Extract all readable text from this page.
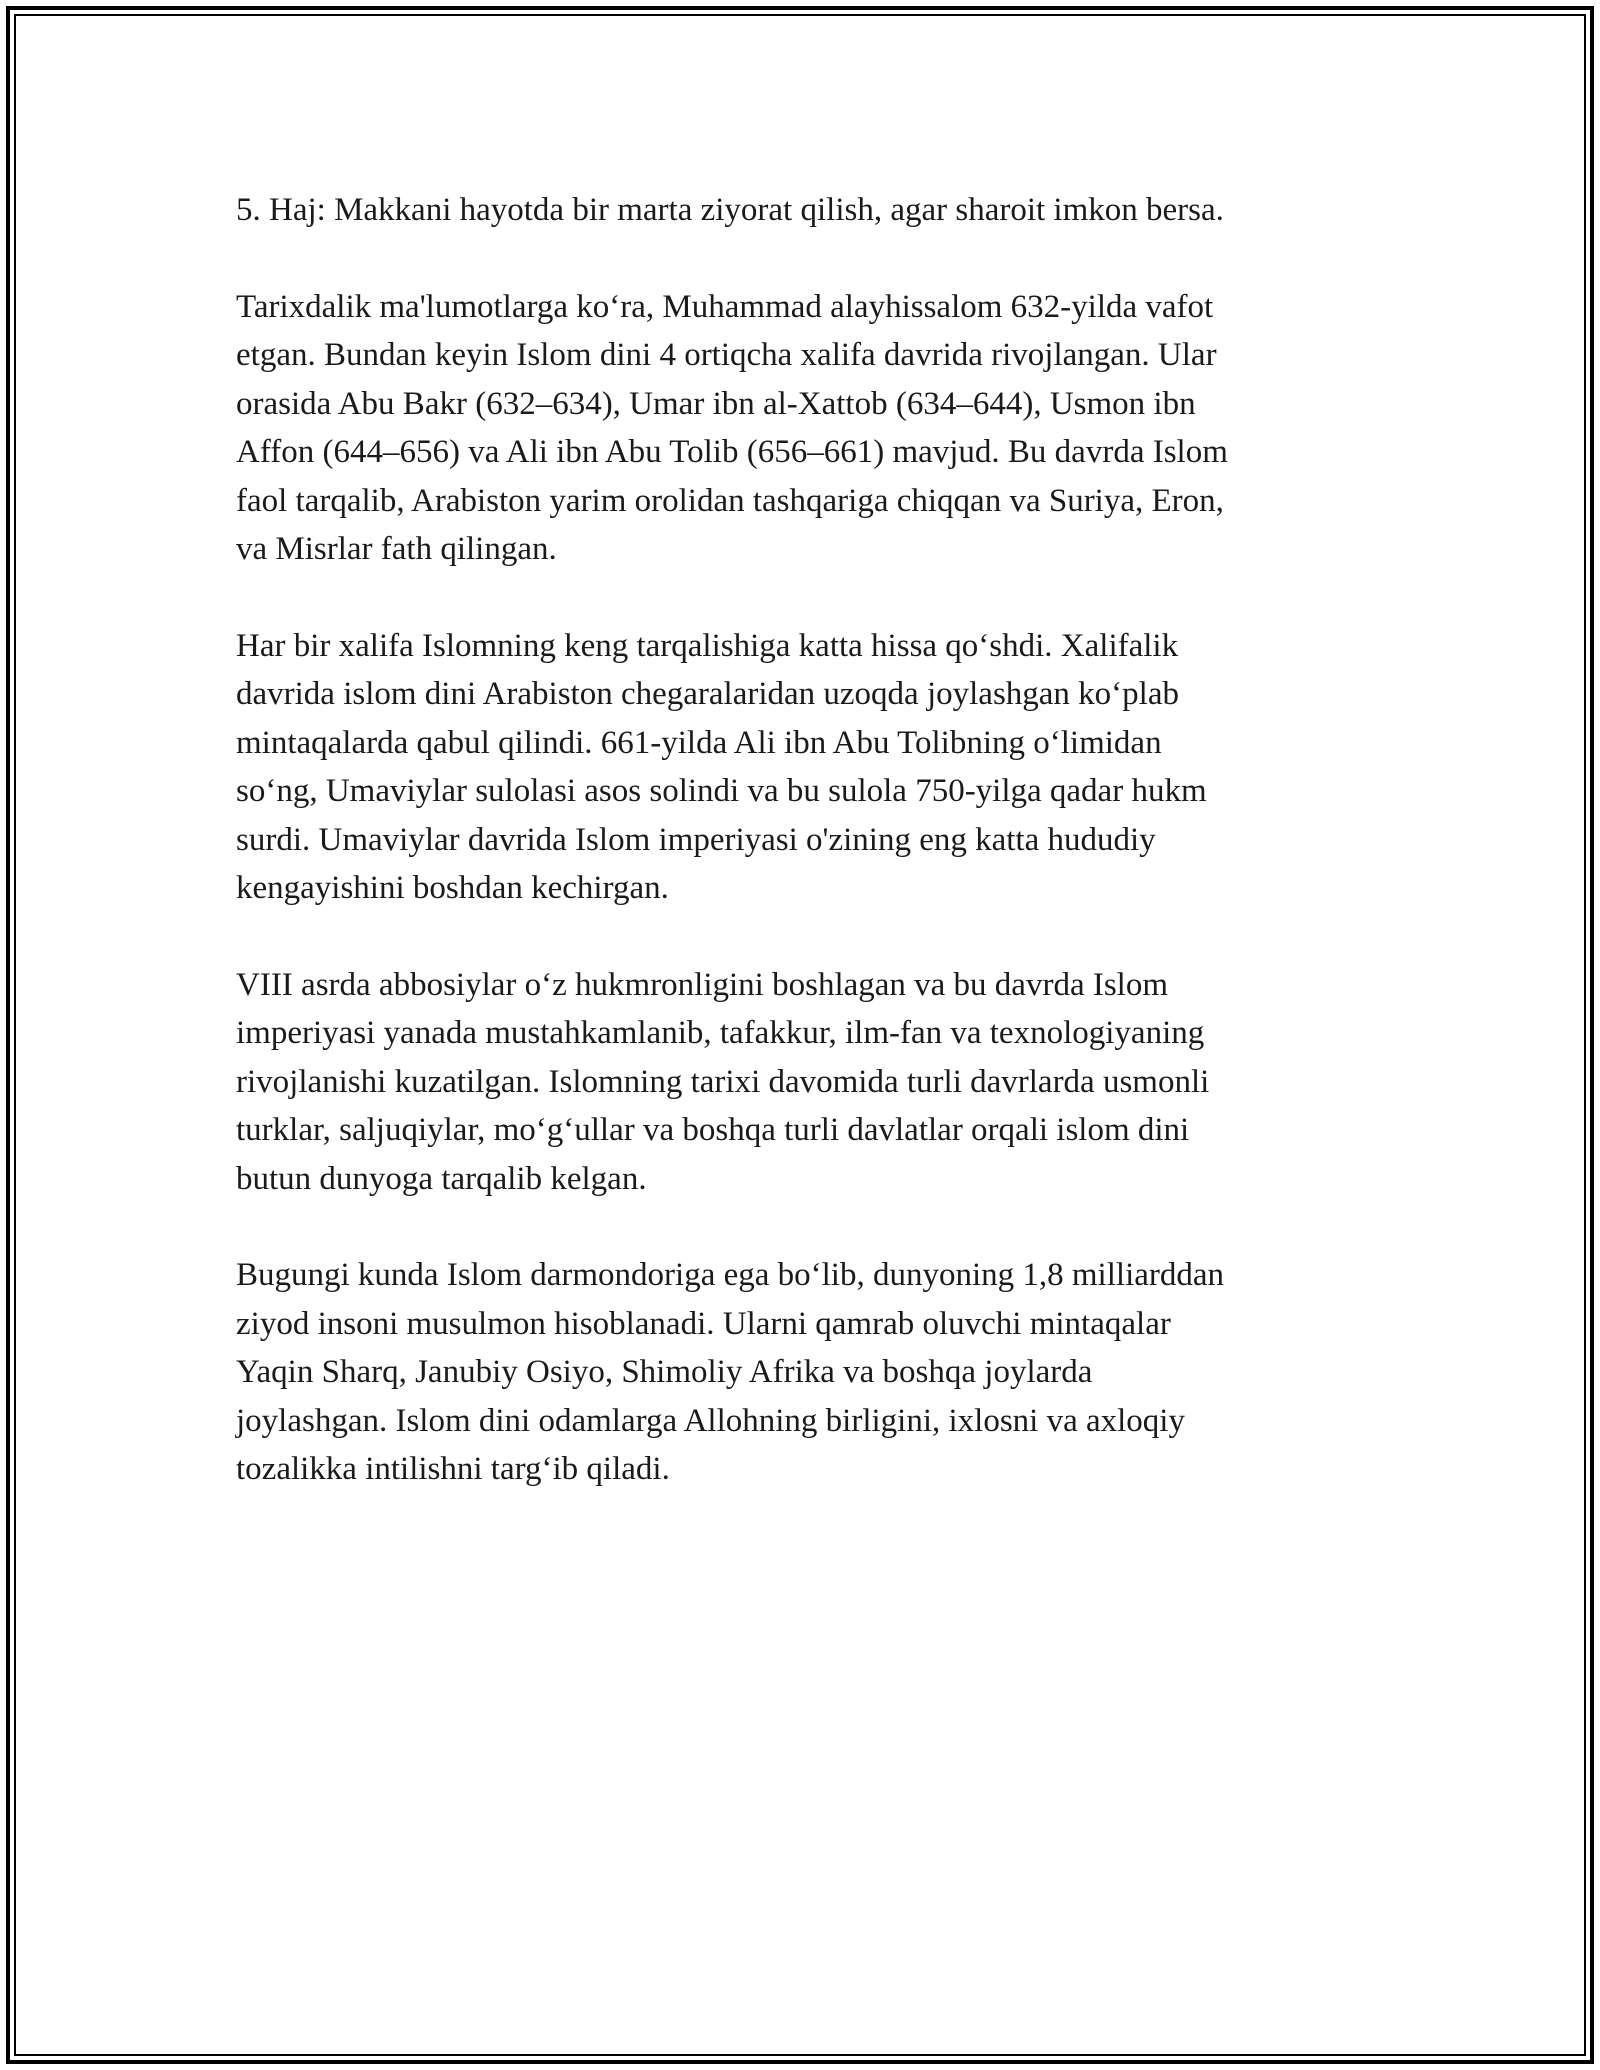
5. Haj: Makkani hayotda bir marta ziyorat qilish, agar sharoit imkon bersa.

Tarixdalik ma'lumotlarga ko‘ra, Muhammad alayhissalom 632-yilda vafot
etgan. Bundan keyin Islom dini 4 ortiqcha xalifa davrida rivojlangan. Ular
orasida Abu Bakr (632–634), Umar ibn al-Xattob (634–644), Usmon ibn
Affon (644–656) va Ali ibn Abu Tolib (656–661) mavjud. Bu davrda Islom
faol tarqalib, Arabiston yarim orolidan tashqariga chiqqan va Suriya, Eron,
va Misrlar fath qilingan.

Har bir xalifa Islomning keng tarqalishiga katta hissa qo‘shdi. Xalifalik
davrida islom dini Arabiston chegaralaridan uzoqda joylashgan ko‘plab
mintaqalarda qabul qilindi. 661-yilda Ali ibn Abu Tolibning o‘limidan
so‘ng, Umaviylar sulolasi asos solindi va bu sulola 750-yilga qadar hukm
surdi. Umaviylar davrida Islom imperiyasi o'zining eng katta hududiy
kengayishini boshdan kechirgan.

VIII asrda abbosiylar o‘z hukmronligini boshlagan va bu davrda Islom
imperiyasi yanada mustahkamlanib, tafakkur, ilm-fan va texnologiyaning
rivojlanishi kuzatilgan. Islomning tarixi davomida turli davrlarda usmonli
turklar, saljuqiylar, mo‘g‘ullar va boshqa turli davlatlar orqali islom dini
butun dunyoga tarqalib kelgan.

Bugungi kunda Islom darmondoriga ega bo‘lib, dunyoning 1,8 milliarddan
ziyod insoni musulmon hisoblanadi. Ularni qamrab oluvchi mintaqalar
Yaqin Sharq, Janubiy Osiyo, Shimoliy Afrika va boshqa joylarda
joylashgan. Islom dini odamlarga Allohning birligini, ixlosni va axloqiy
tozalikka intilishni targ‘ib qiladi.
